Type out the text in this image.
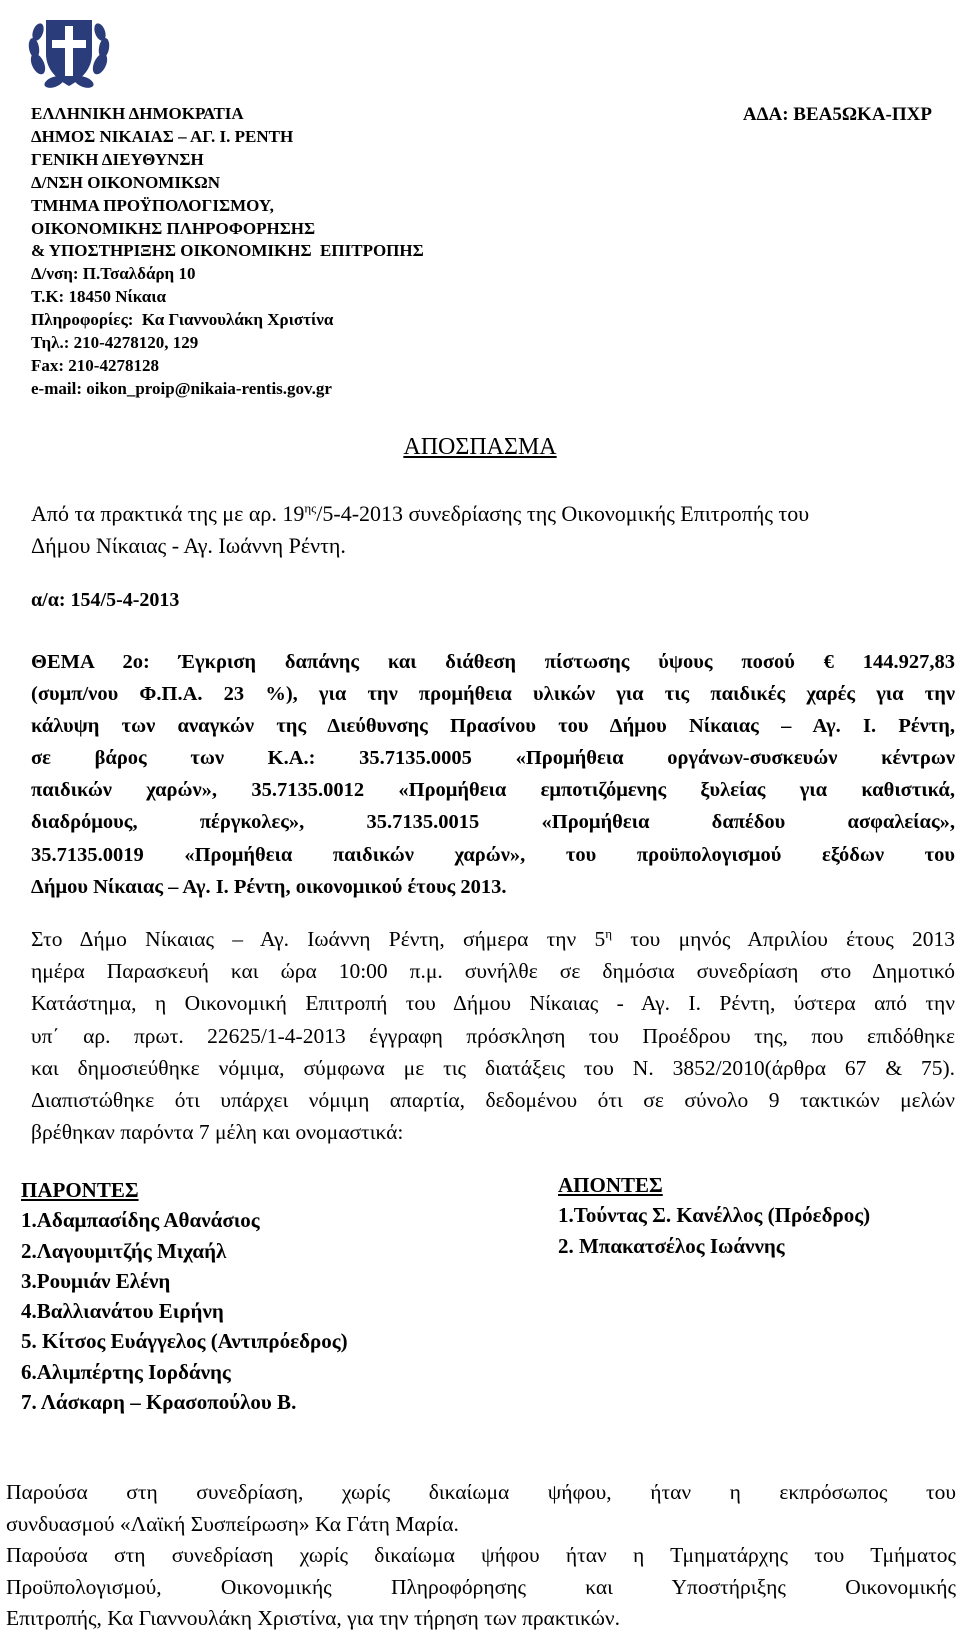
ΕΛΛΗΝΙΚΗ ΔΗΜΟΚΡΑΤΙΑ
ΔΗΜΟΣ ΝΙΚΑΙΑΣ – ΑΓ. Ι. ΡΕΝΤΗ
ΓΕΝΙΚΗ ΔΙΕΥΘΥΝΣΗ
Δ/ΝΣΗ ΟΙΚΟΝΟΜΙΚΩΝ
ΤΜΗΜΑ ΠΡΟΫΠΟΛΟΓΙΣΜΟΥ,
ΟΙΚΟΝΟΜΙΚΗΣ ΠΛΗΡΟΦΟΡΗΣΗΣ
& ΥΠΟΣΤΗΡΙΞΗΣ ΟΙΚΟΝΟΜΙΚΗΣ  ΕΠΙΤΡΟΠΗΣ
Δ/νση: Π.Τσαλδάρη 10
Τ.Κ: 18450 Νίκαια
Πληροφορίες:  Κα Γιαννουλάκη Χριστίνα
Τηλ.: 210-4278120, 129
Fax: 210-4278128
e-mail: oikon_proip@nikaia-rentis.gov.gr
ΑΔΑ: ΒΕΑ5ΩΚΑ-ΠΧΡ
ΑΠΟΣΠΑΣΜΑ
Από τα πρακτικά της με αρ. $19^{\eta\varsigma}/5-4-2013$ συνεδρίασης της Οικονομικής Επιτροπής του
Δήμου Νίκαιας - Αγ. Ιωάννη Ρέντη.
α/α: 154/5-4-2013
ΘΕΜΑ 2ο: Έγκριση δαπάνης και διάθεση πίστωσης ύψους ποσού € 144.927,83
(συμπ/νου Φ.Π.Α. 23 %), για την προμήθεια υλικών για τις παιδικές χαρές για την
κάλυψη των αναγκών της Διεύθυνσης Πρασίνου του Δήμου Νίκαιας – Αγ. Ι. Ρέντη,
σε βάρος των Κ.Α.: 35.7135.0005 «Προμήθεια οργάνων-συσκευών κέντρων
παιδικών χαρών», 35.7135.0012 «Προμήθεια εμποτιζόμενης ξυλείας για καθιστικά,
διαδρόμους, πέργκολες», 35.7135.0015 «Προμήθεια δαπέδου ασφαλείας»,
35.7135.0019 «Προμήθεια παιδικών χαρών», του προϋπολογισμού εξόδων του
Δήμου Νίκαιας – Αγ. Ι. Ρέντη, οικονομικού έτους 2013.
Στο Δήμο Νίκαιας – Αγ. Ιωάννη Ρέντη, σήμερα την $5^\eta$ του μηνός Απριλίου έτους 2013
ημέρα Παρασκευή και ώρα 10:00 π.μ. συνήλθε σε δημόσια συνεδρίαση στο Δημοτικό
Κατάστημα, η Οικονομική Επιτροπή του Δήμου Νίκαιας - Αγ. Ι. Ρέντη, ύστερα από την
υπ΄ αρ. πρωτ. 22625/1-4-2013 έγγραφη πρόσκληση του Προέδρου της, που επιδόθηκε
και δημοσιεύθηκε νόμιμα, σύμφωνα με τις διατάξεις του Ν. 3852/2010(άρθρα 67 & 75).
Διαπιστώθηκε ότι υπάρχει νόμιμη απαρτία, δεδομένου ότι σε σύνολο 9 τακτικών μελών
βρέθηκαν παρόντα 7 μέλη και ονομαστικά:
ΠΑΡΟΝΤΕΣ
1.Αδαμπασίδης Αθανάσιος
2.Λαγουμιτζής Μιχαήλ
3.Ρουμιάν Ελένη
4.Βαλλιανάτου Ειρήνη
5. Κίτσος Ευάγγελος (Αντιπρόεδρος)
6.Αλιμπέρτης Ιορδάνης
7. Λάσκαρη – Κρασοπούλου Β.
ΑΠΟΝΤΕΣ
1.Τούντας Σ. Κανέλλος (Πρόεδρος)
2. Μπακατσέλος Ιωάννης
Παρούσα στη συνεδρίαση, χωρίς δικαίωμα ψήφου, ήταν η εκπρόσωπος του
συνδυασμού «Λαϊκή Συσπείρωση» Κα Γάτη Μαρία.
Παρούσα στη συνεδρίαση χωρίς δικαίωμα ψήφου ήταν η Τμηματάρχης του Τμήματος
Προϋπολογισμού, Οικονομικής Πληροφόρησης και Υποστήριξης Οικονομικής
Επιτροπής, Κα Γιαννουλάκη Χριστίνα, για την τήρηση των πρακτικών.
